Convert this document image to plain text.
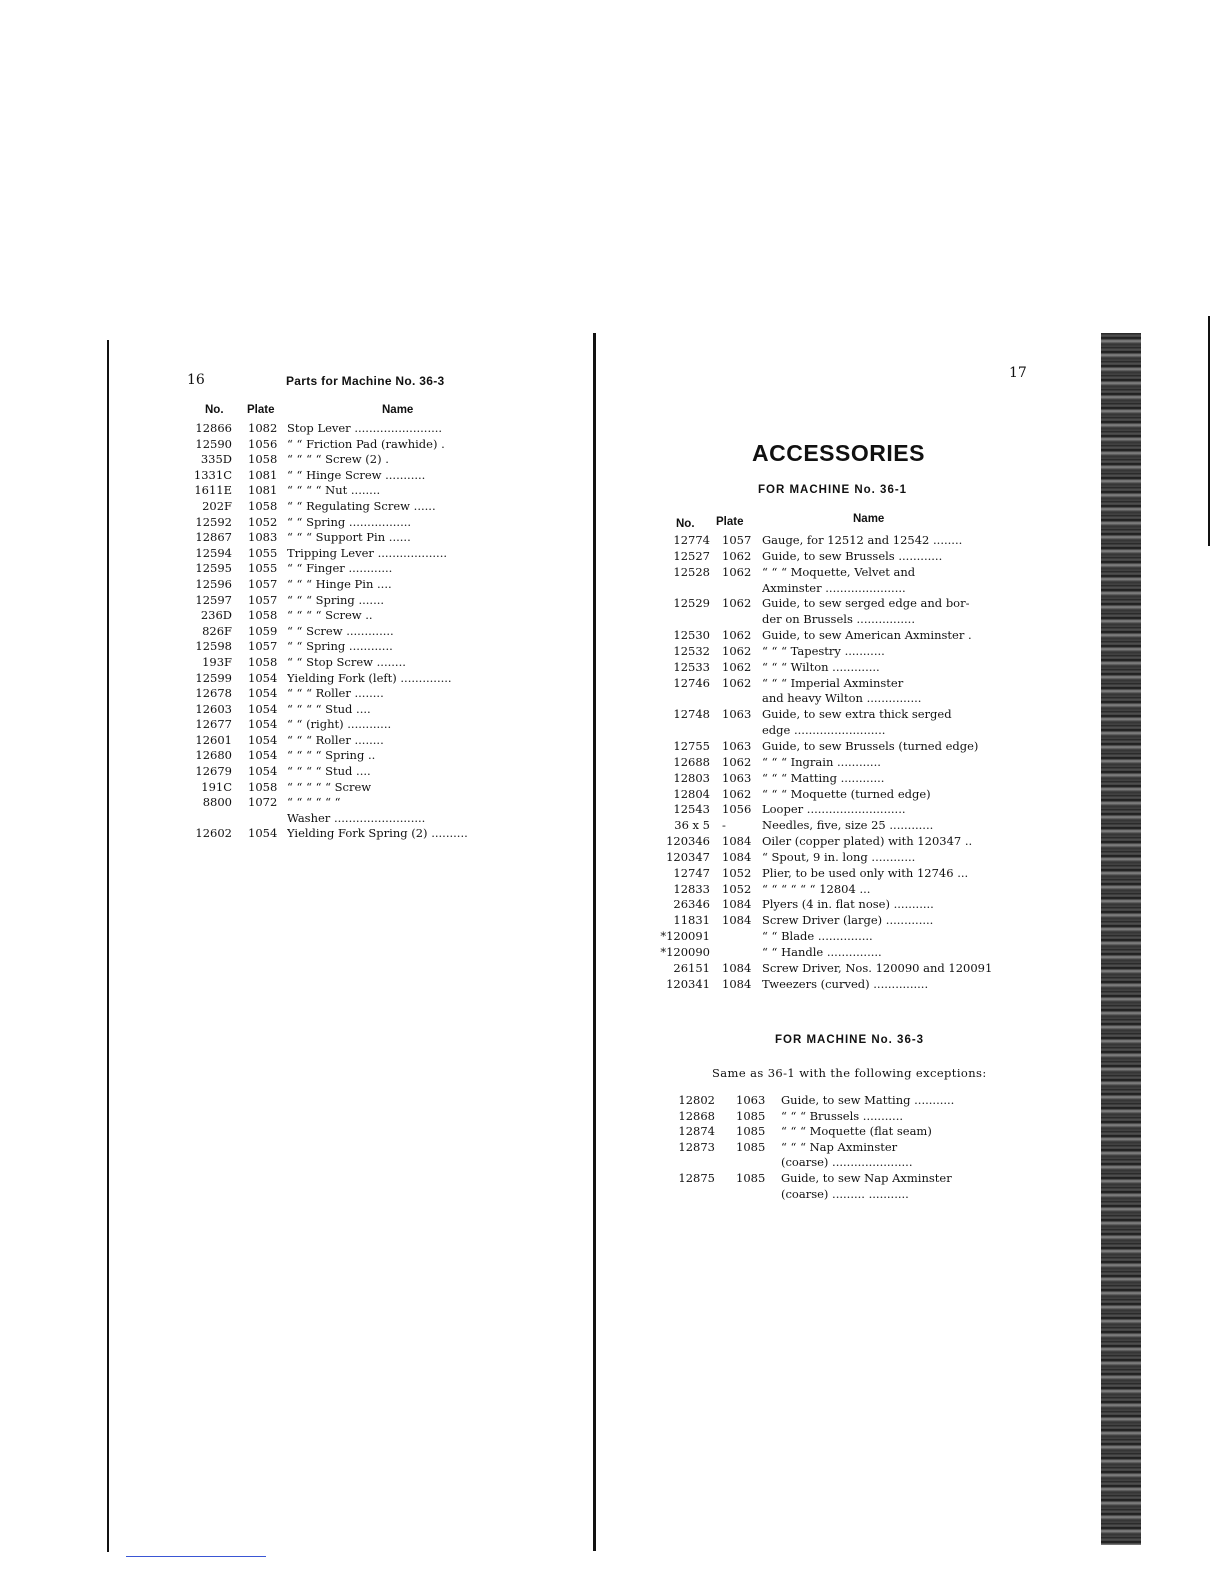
16	Parts for Machine No. 36-3
No. Plate	Name
12866 1082 Stop Lever ........................
12590 1056 “ “ Friction Pad (rawhide) .
335D 1058 “ “ “ “ Screw (2) .
1331C 1081 “ “ Hinge Screw ...........
1611E 1081 “ “ “ “ Nut ........
202F 1058 “ “ Regulating Screw ......
12592 1052 “ “ Spring .................
12867 1083 “ “ “ Support Pin ......
12594 1055 Tripping Lever ...................
12595 1055 “ “ Finger ............
12596 1057 “ “ “ Hinge Pin ....
12597 1057 “ “ “ Spring .......
236D 1058 “ “ “ “ Screw ..
826F 1059 “ “ Screw .............
12598 1057 “ “ Spring ............
193F 1058 “ “ Stop Screw ........
12599 1054 Yielding Fork (left) ..............
12678 1054 “ “ “ Roller ........
12603 1054 “ “ “ “ Stud ....
12677 1054 “ “ (right) ............
12601 1054 “ “ “ Roller ........
12680 1054 “ “ “ “ Spring ..
12679 1054 “ “ “ “ Stud ....
191C 1058 “ “ “ “ “ Screw
8800 1072 “ “ “ “ “ “
Washer .........................
12602 1054 Yielding Fork Spring (2) ..........
17
ACCESSORIES
FOR MACHINE No. 36-1
No. Plate	Name
12774 1057 Gauge, for 12512 and 12542 ........
12527 1062 Guide, to sew Brussels ............
12528 1062 “ “ “ Moquette, Velvet and
Axminster ......................
12529 1062 Guide, to sew serged edge and bor-
der on Brussels ................
12530 1062 Guide, to sew American Axminster .
12532 1062 “ “ “ Tapestry ...........
12533 1062 “ “ “ Wilton .............
12746 1062 “ “ “ Imperial Axminster
and heavy Wilton ...............
12748 1063 Guide, to sew extra thick serged
edge .........................
12755 1063 Guide, to sew Brussels (turned edge)
12688 1062 “ “ “ Ingrain ............
12803 1063 “ “ “ Matting ............
12804 1062 “ “ “ Moquette (turned edge)
12543 1056 Looper ...........................
36 x 5 -	Needles, five, size 25 ............
120346 1084 Oiler (copper plated) with 120347 ..
120347 1084 “ Spout, 9 in. long ............
12747 1052 Plier, to be used only with 12746 ...
12833 1052 “ “ “ “ “ “ 12804 ...
26346 1084 Plyers (4 in. flat nose) ...........
11831 1084 Screw Driver (large) .............
*120091	“ “ Blade ...............
*120090	“ “ Handle ...............
26151 1084 Screw Driver, Nos. 120090 and 120091
120341 1084 Tweezers (curved) ...............
FOR MACHINE No. 36-3
Same as 36-1 with the following exceptions:
12802 1063 Guide, to sew Matting ...........
12868 1085 “ “ “ Brussels ...........
12874 1085 “ “ “ Moquette (flat seam)
12873 1085 “ “ “ Nap Axminster
(coarse) ......................
12875 1085 Guide, to sew Nap Axminster
(coarse) ......... ...........
